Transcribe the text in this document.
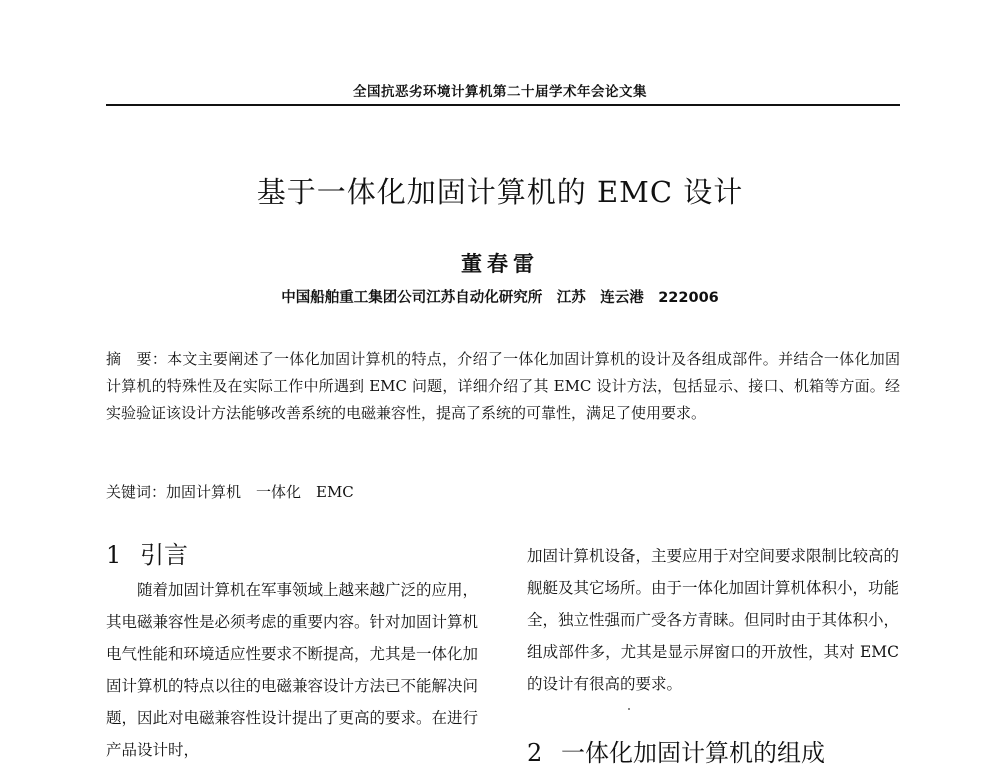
全国抗恶劣环境计算机第二十届学术年会论文集
基于一体化加固计算机的 EMC 设计
董春雷
中国船舶重工集团公司江苏自动化研究所　江苏　连云港　222006

摘　要：本文主要阐述了一体化加固计算机的特点，介绍了一体化加固计算机的设计及各组成部件。并结合一体化加固计算机的特殊性及在实际工作中所遇到 EMC 问题，详细介绍了其 EMC 设计方法，包括显示、接口、机箱等方面。经实验验证该设计方法能够改善系统的电磁兼容性，提高了系统的可靠性，满足了使用要求。

关键词：加固计算机　一体化　EMC

1 引言

随着加固计算机在军事领域上越来越广泛的应用，其电磁兼容性是必须考虑的重要内容。针对加固计算机电气性能和环境适应性要求不断提高，尤其是一体化加固计算机的特点以往的电磁兼容设计方法已不能解决问题，因此对电磁兼容性设计提出了更高的要求。在进行产品设计时，

加固计算机设备，主要应用于对空间要求限制比较高的舰艇及其它场所。由于一体化加固计算机体积小，功能全，独立性强而广受各方青睐。但同时由于其体积小，组成部件多，尤其是显示屏窗口的开放性，其对 EMC 的设计有很高的要求。

2 一体化加固计算机的组成
